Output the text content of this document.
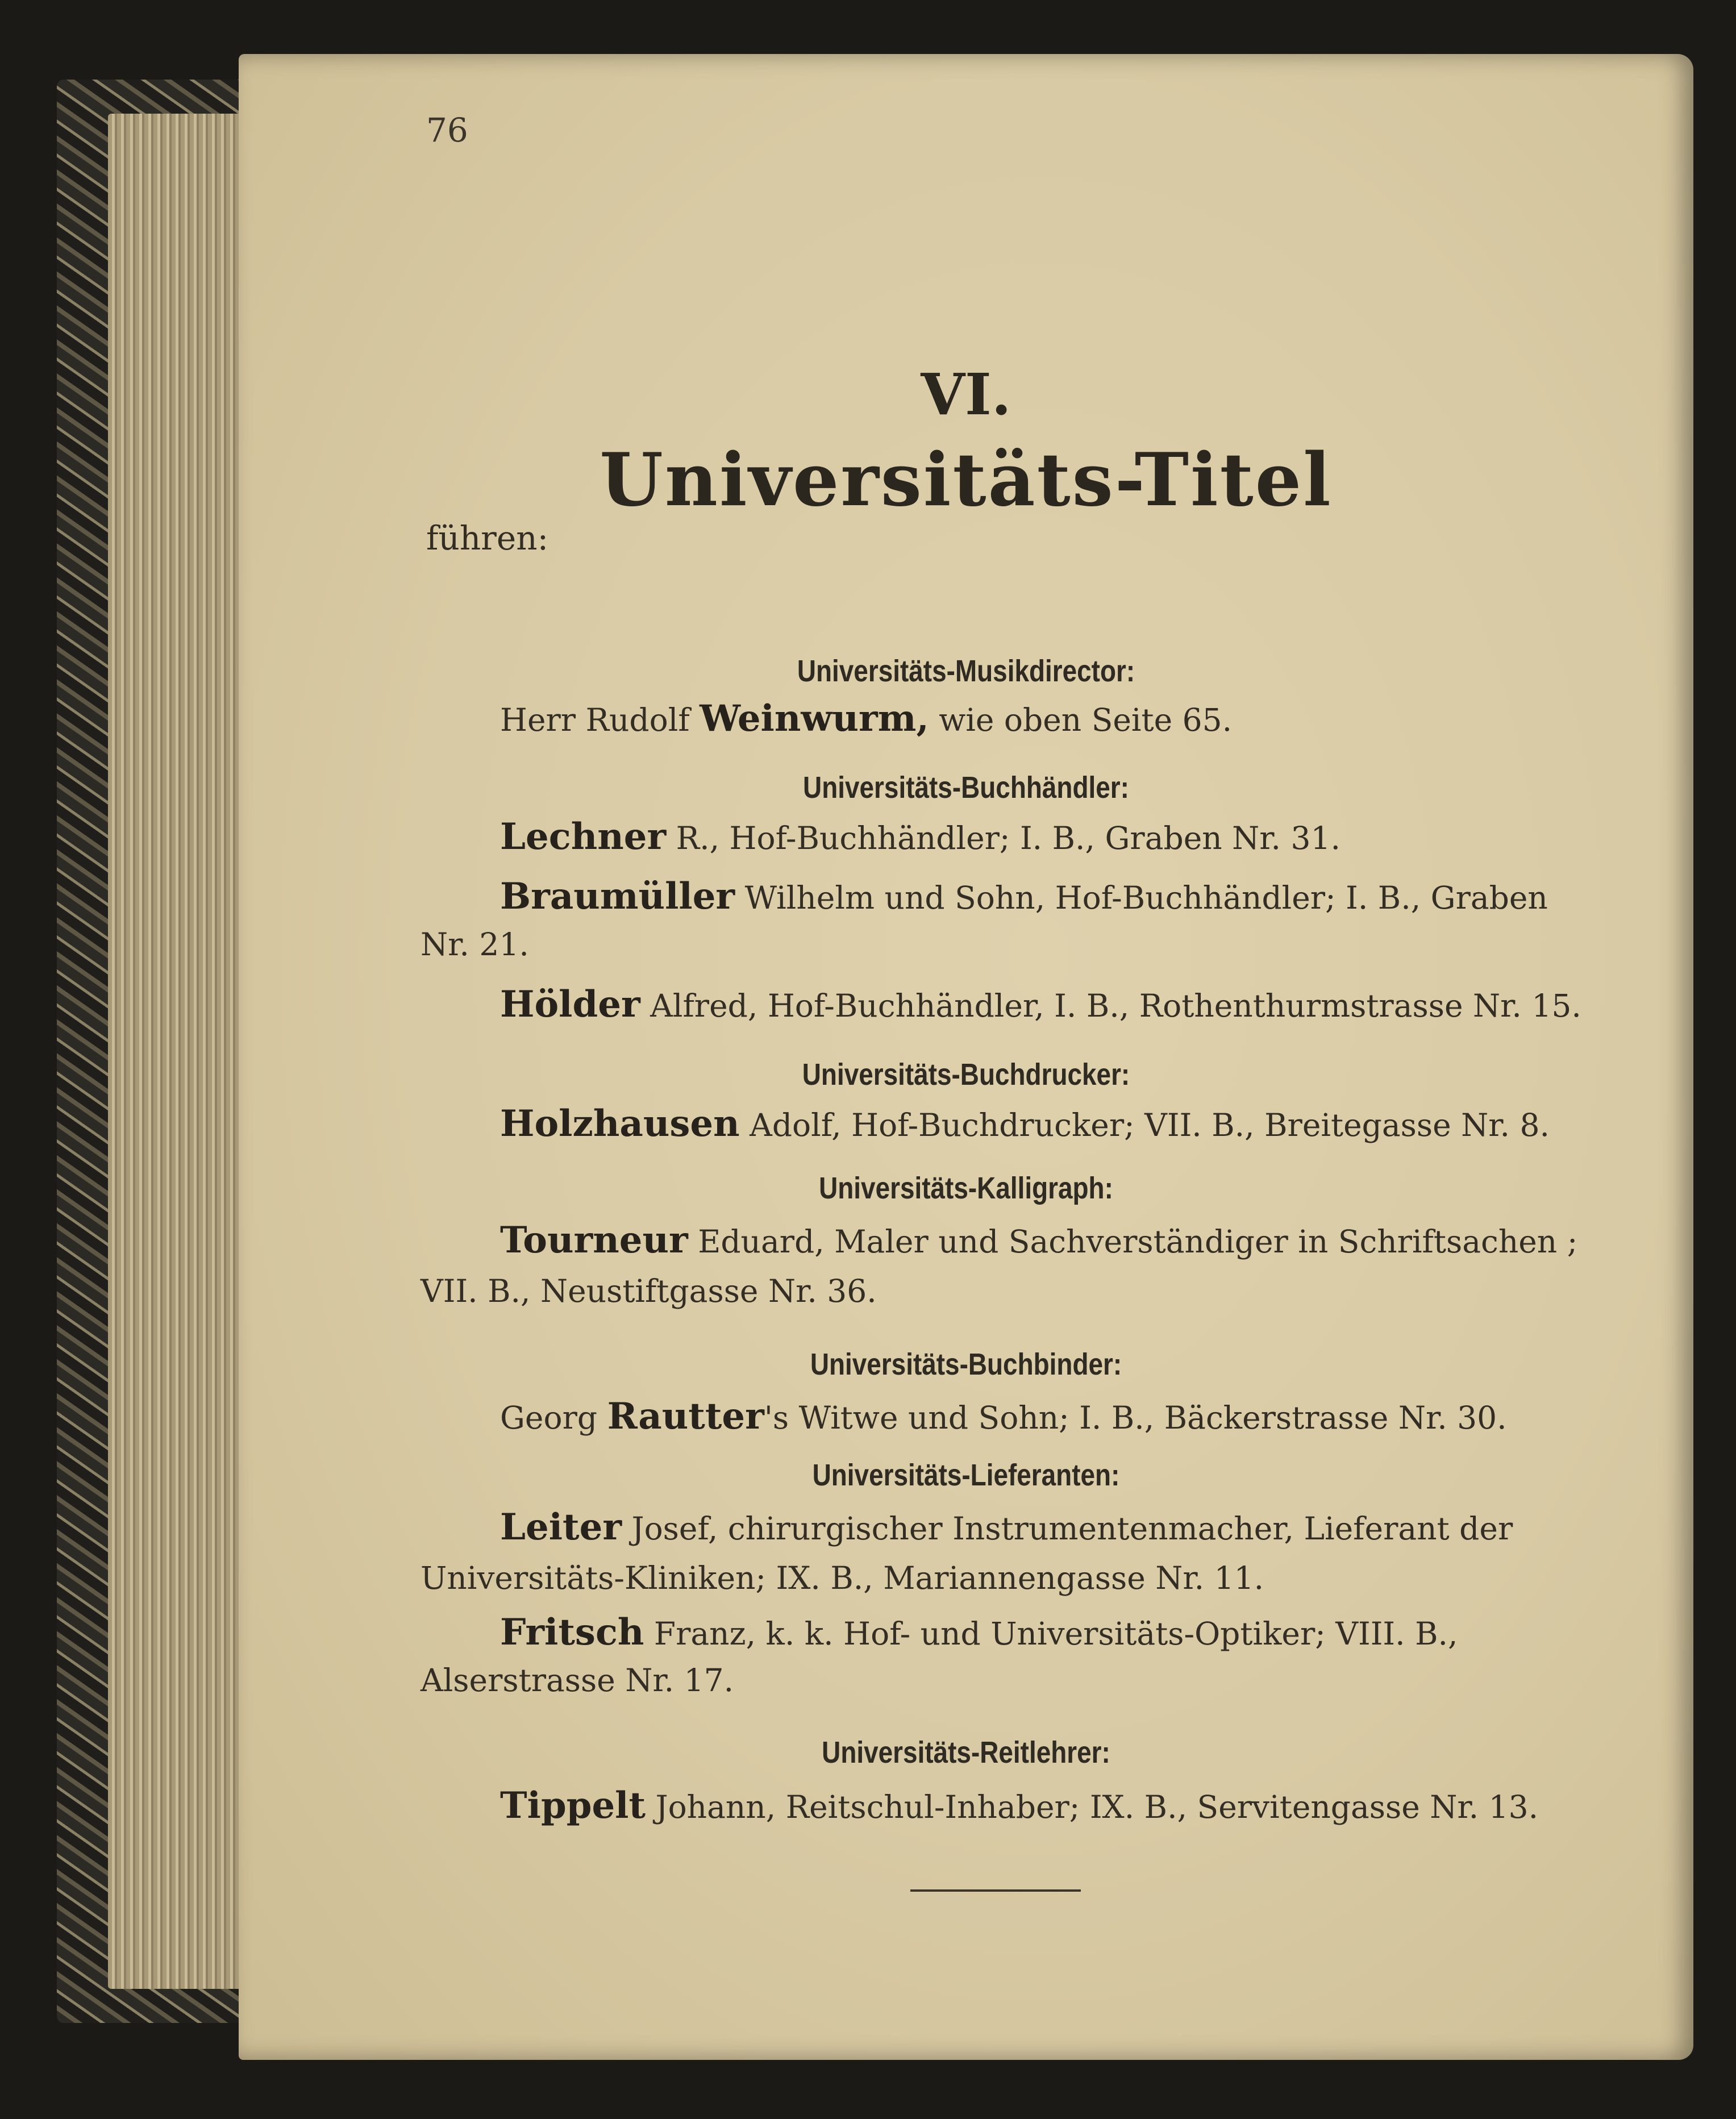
76
VI.
Universitäts-Titel
führen:
Universitäts-Musikdirector:
Herr Rudolf Weinwurm, wie oben Seite 65.
Universitäts-Buchhändler:
Lechner R., Hof-Buchhändler; I. B., Graben Nr. 31.
Braumüller Wilhelm und Sohn, Hof-Buchhändler; I. B., Graben
Nr. 21.
Hölder Alfred, Hof-Buchhändler, I. B., Rothenthurmstrasse Nr. 15.
Universitäts-Buchdrucker:
Holzhausen Adolf, Hof-Buchdrucker; VII. B., Breitegasse Nr. 8.
Universitäts-Kalligraph:
Tourneur Eduard, Maler und Sachverständiger in Schriftsachen ;
VII. B., Neustiftgasse Nr. 36.
Universitäts-Buchbinder:
Georg Rautter's Witwe und Sohn; I. B., Bäckerstrasse Nr. 30.
Universitäts-Lieferanten:
Leiter Josef, chirurgischer Instrumentenmacher, Lieferant der
Universitäts-Kliniken; IX. B., Mariannengasse Nr. 11.
Fritsch Franz, k. k. Hof- und Universitäts-Optiker; VIII. B.,
Alserstrasse Nr. 17.
Universitäts-Reitlehrer:
Tippelt Johann, Reitschul-Inhaber; IX. B., Servitengasse Nr. 13.
